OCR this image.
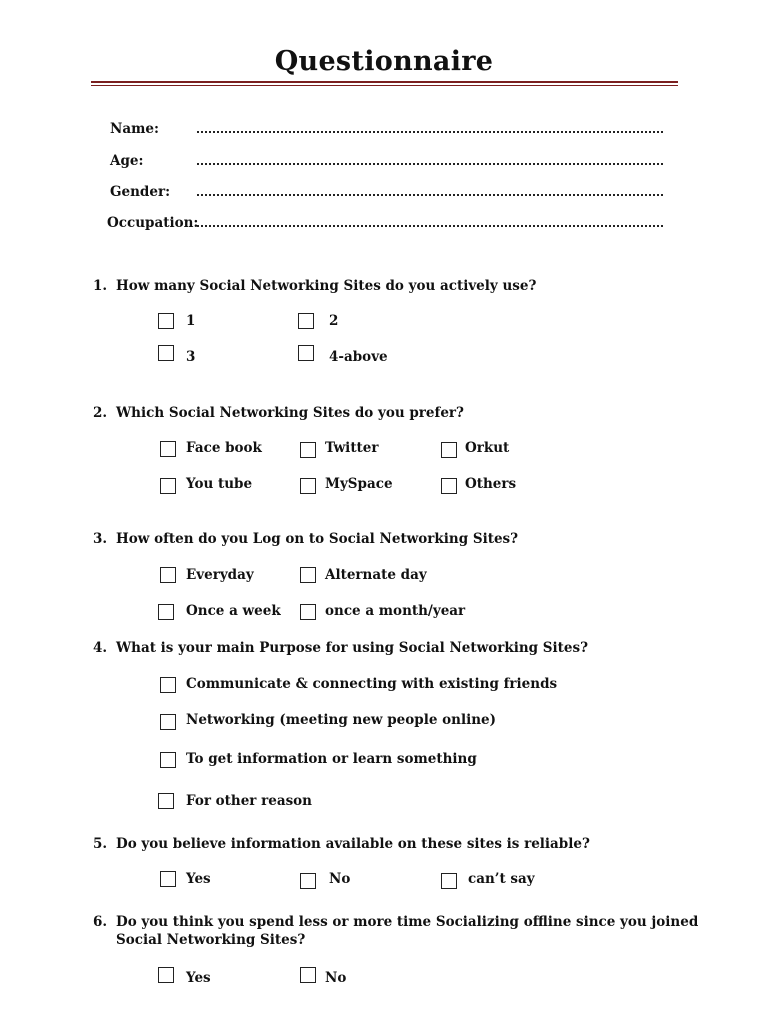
Questionnaire
Name:
Age:
Gender:
Occupation:
1. How many Social Networking Sites do you actively use?
1	2
3	4-above
2. Which Social Networking Sites do you prefer?
Face book	Twitter	Orkut
You tube	MySpace	Others
3. How often do you Log on to Social Networking Sites?
Everyday	Alternate day
Once a week	once a month/year
4. What is your main Purpose for using Social Networking Sites?
Communicate & connecting with existing friends
Networking (meeting new people online)
To get information or learn something
For other reason
5. Do you believe information available on these sites is reliable?
Yes	No	can’t say
6. Do you think you spend less or more time Socializing offline since you joined
Social Networking Sites?
Yes	No
